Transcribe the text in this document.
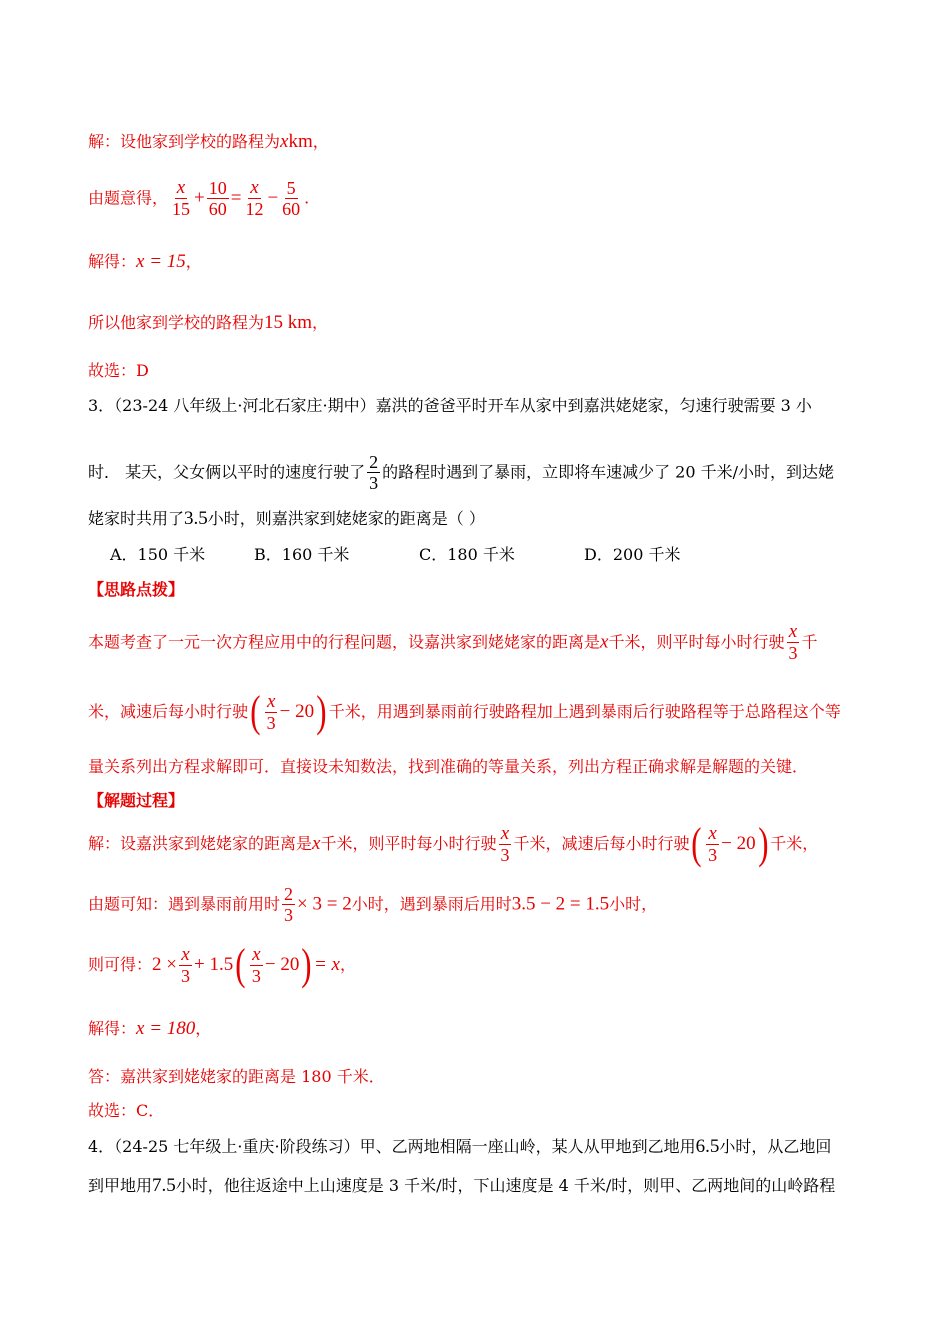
解：设他家到学校的路程为xkm，
由题意得， $\frac{x}{15} + \frac{10}{60} = \frac{x}{12} - \frac{5}{60}$ .
解得：x = 15，
所以他家到学校的路程为15 km，
故选：D
3．（23-24 八年级上·河北石家庄·期中）嘉洪的爸爸平时开车从家中到嘉洪姥姥家，匀速行驶需要 3 小
时． 某天，父女俩以平时的速度行驶了 $\frac{2}{3}$ 的路程时遇到了暴雨，立即将车速减少了 20 千米/小时，到达姥
姥家时共用了3.5小时，则嘉洪家到姥姥家的距离是（ ）
A．150 千米	B．160 千米	C．180 千米	D．200 千米
【思路点拨】
本题考查了一元一次方程应用中的行程问题，设嘉洪家到姥姥家的距离是x千米，则平时每小时行驶 $\frac{x}{3}$ 千
米，减速后每小时行驶( $\frac{x}{3} - 20$) 千米，用遇到暴雨前行驶路程加上遇到暴雨后行驶路程等于总路程这个等
量关系列出方程求解即可．直接设未知数法，找到准确的等量关系，列出方程正确求解是解题的关键．
【解题过程】
解：设嘉洪家到姥姥家的距离是x千米，则平时每小时行驶 $\frac{x}{3}$ 千米，减速后每小时行驶( $\frac{x}{3} - 20$) 千米，
由题可知：遇到暴雨前用时 $\frac{2}{3} \times 3 = 2$小时，遇到暴雨后用时3.5 − 2 = 1.5小时，
则可得：$2 \times \frac{x}{3} + 1.5( \frac{x}{3} - 20) = x$，
解得：x = 180，
答：嘉洪家到姥姥家的距离是 180 千米．
故选：C．
4．（24-25 七年级上·重庆·阶段练习）甲、乙两地相隔一座山岭，某人从甲地到乙地用6.5小时，从乙地回
到甲地用7.5小时，他往返途中上山速度是 3 千米/时，下山速度是 4 千米/时，则甲、乙两地间的山岭路程
